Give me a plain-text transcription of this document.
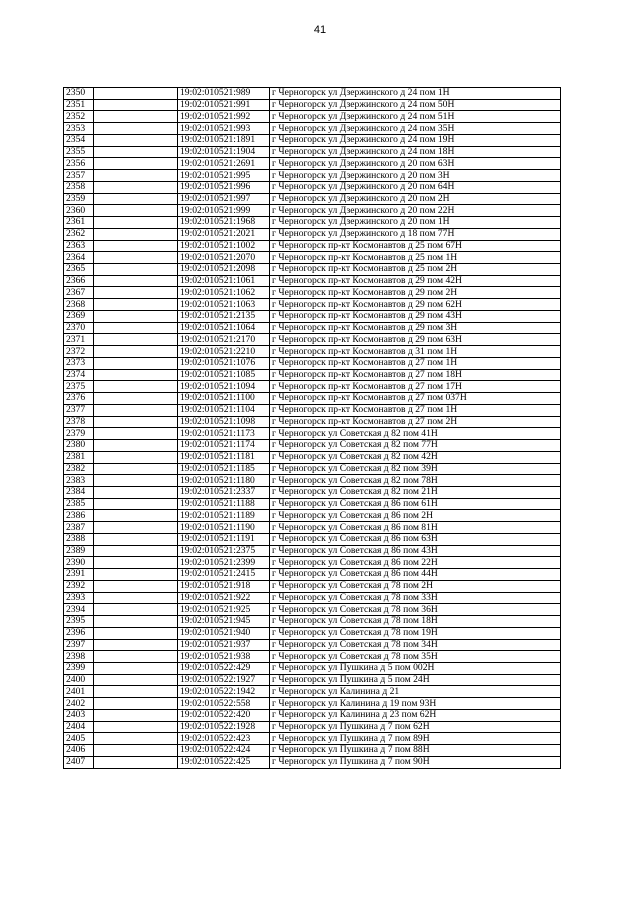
41
2350		19:02:010521:989	г Черногорск ул Дзержинского д 24 пом 1Н
2351		19:02:010521:991	г Черногорск ул Дзержинского д 24 пом 50Н
2352		19:02:010521:992	г Черногорск ул Дзержинского д 24 пом 51Н
2353		19:02:010521:993	г Черногорск ул Дзержинского д 24 пом 35Н
2354		19:02:010521:1891	г Черногорск ул Дзержинского д 24 пом 19Н
2355		19:02:010521:1904	г Черногорск ул Дзержинского д 24 пом 18Н
2356		19:02:010521:2691	г Черногорск ул Дзержинского д 20 пом 63Н
2357		19:02:010521:995	г Черногорск ул Дзержинского д 20 пом 3Н
2358		19:02:010521:996	г Черногорск ул Дзержинского д 20 пом 64Н
2359		19:02:010521:997	г Черногорск ул Дзержинского д 20 пом 2Н
2360		19:02:010521:999	г Черногорск ул Дзержинского д 20 пом 22Н
2361		19:02:010521:1968	г Черногорск ул Дзержинского д 20 пом 1Н
2362		19:02:010521:2021	г Черногорск ул Дзержинского д 18 пом 77Н
2363		19:02:010521:1002	г Черногорск пр-кт Космонавтов д 25 пом 67Н
2364		19:02:010521:2070	г Черногорск пр-кт Космонавтов д 25 пом 1Н
2365		19:02:010521:2098	г Черногорск пр-кт Космонавтов д 25 пом 2Н
2366		19:02:010521:1061	г Черногорск пр-кт Космонавтов д 29 пом 42Н
2367		19:02:010521:1062	г Черногорск пр-кт Космонавтов д 29 пом 2Н
2368		19:02:010521:1063	г Черногорск пр-кт Космонавтов д 29 пом 62Н
2369		19:02:010521:2135	г Черногорск пр-кт Космонавтов д 29 пом 43Н
2370		19:02:010521:1064	г Черногорск пр-кт Космонавтов д 29 пом 3Н
2371		19:02:010521:2170	г Черногорск пр-кт Космонавтов д 29 пом 63Н
2372		19:02:010521:2210	г Черногорск пр-кт Космонавтов д 31 пом 1Н
2373		19:02:010521:1076	г Черногорск пр-кт Космонавтов д 27 пом 1Н
2374		19:02:010521:1085	г Черногорск пр-кт Космонавтов д 27 пом 18Н
2375		19:02:010521:1094	г Черногорск пр-кт Космонавтов д 27 пом 17Н
2376		19:02:010521:1100	г Черногорск пр-кт Космонавтов д 27 пом 037Н
2377		19:02:010521:1104	г Черногорск пр-кт Космонавтов д 27 пом 1Н
2378		19:02:010521:1098	г Черногорск пр-кт Космонавтов д 27 пом 2Н
2379		19:02:010521:1173	г Черногорск ул Советская д 82 пом 41Н
2380		19:02:010521:1174	г Черногорск ул Советская д 82 пом 77Н
2381		19:02:010521:1181	г Черногорск ул Советская д 82 пом 42Н
2382		19:02:010521:1185	г Черногорск ул Советская д 82 пом 39Н
2383		19:02:010521:1180	г Черногорск ул Советская д 82 пом 78Н
2384		19:02:010521:2337	г Черногорск ул Советская д 82 пом 21Н
2385		19:02:010521:1188	г Черногорск ул Советская д 86 пом 61Н
2386		19:02:010521:1189	г Черногорск ул Советская д 86 пом 2Н
2387		19:02:010521:1190	г Черногорск ул Советская д 86 пом 81Н
2388		19:02:010521:1191	г Черногорск ул Советская д 86 пом 63Н
2389		19:02:010521:2375	г Черногорск ул Советская д 86 пом 43Н
2390		19:02:010521:2399	г Черногорск ул Советская д 86 пом 22Н
2391		19:02:010521:2415	г Черногорск ул Советская д 86 пом 44Н
2392		19:02:010521:918	г Черногорск ул Советская д 78 пом 2Н
2393		19:02:010521:922	г Черногорск ул Советская д 78 пом 33Н
2394		19:02:010521:925	г Черногорск ул Советская д 78 пом 36Н
2395		19:02:010521:945	г Черногорск ул Советская д 78 пом 18Н
2396		19:02:010521:940	г Черногорск ул Советская д 78 пом 19Н
2397		19:02:010521:937	г Черногорск ул Советская д 78 пом 34Н
2398		19:02:010521:938	г Черногорск ул Советская д 78 пом 35Н
2399		19:02:010522:429	г Черногорск ул Пушкина д 5 пом 002Н
2400		19:02:010522:1927	г Черногорск ул Пушкина д 5 пом 24Н
2401		19:02:010522:1942	г Черногорск ул Калинина д 21
2402		19:02:010522:558	г Черногорск ул Калинина д 19 пом 93Н
2403		19:02:010522:420	г Черногорск ул Калинина д 23 пом 62Н
2404		19:02:010522:1928	г Черногорск ул Пушкина д 7 пом 62Н
2405		19:02:010522:423	г Черногорск ул Пушкина д 7 пом 89Н
2406		19:02:010522:424	г Черногорск ул Пушкина д 7 пом 88Н
2407		19:02:010522:425	г Черногорск ул Пушкина д 7 пом 90Н
